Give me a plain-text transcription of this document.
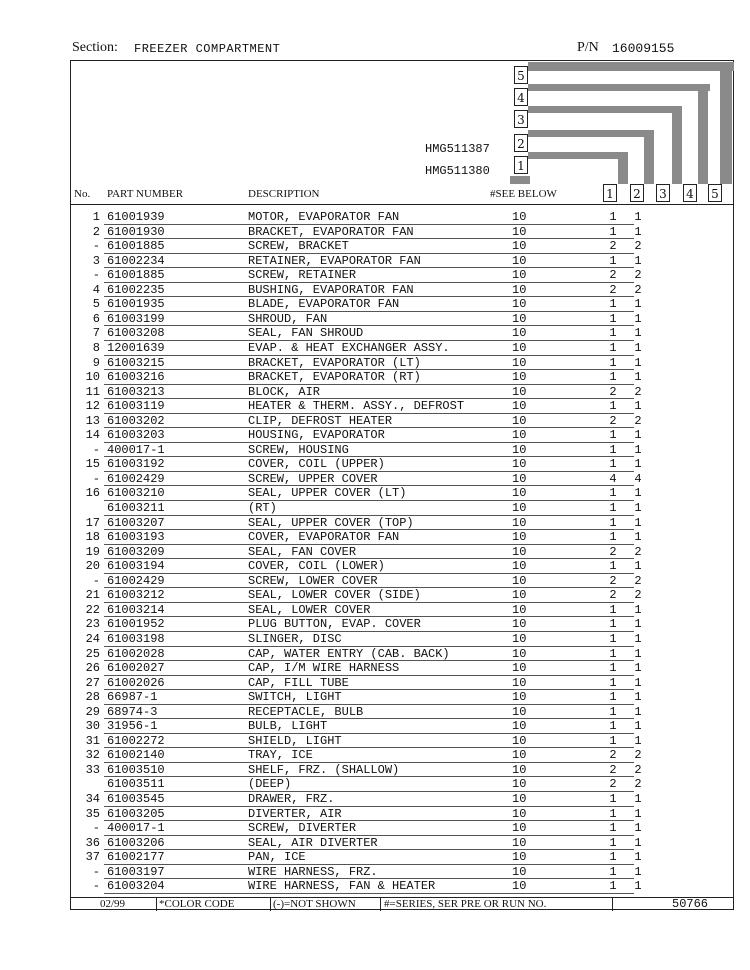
Section: FREEZER COMPARTMENT	P/N 16009155
HMG511387
HMG511380
5
4
3
2
1
1 2 3 4 5
No. PART NUMBER	DESCRIPTION	#SEE BELOW
1 61001939	MOTOR, EVAPORATOR FAN	10	1 1
2 61001930	BRACKET, EVAPORATOR FAN	10	1 1
- 61001885	SCREW, BRACKET	10	2 2
3 61002234	RETAINER, EVAPORATOR FAN	10	1 1
- 61001885	SCREW, RETAINER	10	2 2
4 61002235	BUSHING, EVAPORATOR FAN	10	2 2
5 61001935	BLADE, EVAPORATOR FAN	10	1 1
6 61003199	SHROUD, FAN	10	1 1
7 61003208	SEAL, FAN SHROUD	10	1 1
8 12001639	EVAP. & HEAT EXCHANGER ASSY.	10	1 1
9 61003215	BRACKET, EVAPORATOR (LT)	10	1 1
10 61003216	BRACKET, EVAPORATOR (RT)	10	1 1
11 61003213	BLOCK, AIR	10	2 2
12 61003119	HEATER & THERM. ASSY., DEFROST	10	1 1
13 61003202	CLIP, DEFROST HEATER	10	2 2
14 61003203	HOUSING, EVAPORATOR	10	1 1
- 400017-1	SCREW, HOUSING	10	1 1
15 61003192	COVER, COIL (UPPER)	10	1 1
- 61002429	SCREW, UPPER COVER	10	4 4
16 61003210	SEAL, UPPER COVER (LT)	10	1 1
61003211	(RT)	10	1 1
17 61003207	SEAL, UPPER COVER (TOP)	10	1 1
18 61003193	COVER, EVAPORATOR FAN	10	1 1
19 61003209	SEAL, FAN COVER	10	2 2
20 61003194	COVER, COIL (LOWER)	10	1 1
- 61002429	SCREW, LOWER COVER	10	2 2
21 61003212	SEAL, LOWER COVER (SIDE)	10	2 2
22 61003214	SEAL, LOWER COVER	10	1 1
23 61001952	PLUG BUTTON, EVAP. COVER	10	1 1
24 61003198	SLINGER, DISC	10	1 1
25 61002028	CAP, WATER ENTRY (CAB. BACK)	10	1 1
26 61002027	CAP, I/M WIRE HARNESS	10	1 1
27 61002026	CAP, FILL TUBE	10	1 1
28 66987-1	SWITCH, LIGHT	10	1 1
29 68974-3	RECEPTACLE, BULB	10	1 1
30 31956-1	BULB, LIGHT	10	1 1
31 61002272	SHIELD, LIGHT	10	1 1
32 61002140	TRAY, ICE	10	2 2
33 61003510	SHELF, FRZ. (SHALLOW)	10	2 2
61003511	(DEEP)	10	2 2
34 61003545	DRAWER, FRZ.	10	1 1
35 61003205	DIVERTER, AIR	10	1 1
- 400017-1	SCREW, DIVERTER	10	1 1
36 61003206	SEAL, AIR DIVERTER	10	1 1
37 61002177	PAN, ICE	10	1 1
- 61003197	WIRE HARNESS, FRZ.	10	1 1
- 61003204	WIRE HARNESS, FAN & HEATER	10	1 1
02/99	*COLOR CODE	(-)=NOT SHOWN	#=SERIES, SER PRE OR RUN NO.	50766
